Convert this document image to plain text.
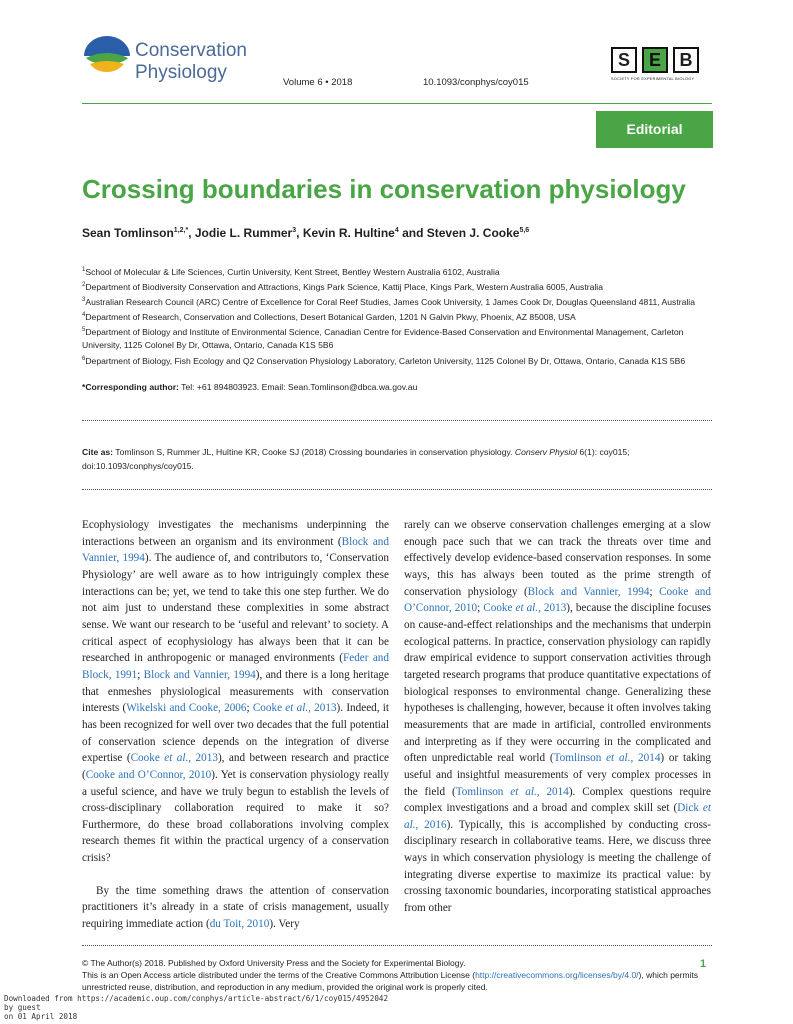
Conservation
Physiology	Volume 6 • 2018	10.1093/conphys/coy015
S E B
SOCIETY FOR EXPERIMENTAL BIOLOGY
Editorial
Crossing boundaries in conservation physiology
Sean Tomlinson$^{1,2,*}$, Jodie L. Rummer$^3$, Kevin R. Hultine$^4$ and Steven J. Cooke$^{5,6}$
$^1$School of Molecular & Life Sciences, Curtin University, Kent Street, Bentley Western Australia 6102, Australia
$^2$Department of Biodiversity Conservation and Attractions, Kings Park Science, Kattij Place, Kings Park, Western Australia 6005, Australia
$^3$Australian Research Council (ARC) Centre of Excellence for Coral Reef Studies, James Cook University, 1 James Cook Dr, Douglas Queensland 4811, Australia
$^4$Department of Research, Conservation and Collections, Desert Botanical Garden, 1201 N Galvin Pkwy, Phoenix, AZ 85008, USA
$^5$Department of Biology and Institute of Environmental Science, Canadian Centre for Evidence-Based Conservation and Environmental Management, Carleton University, 1125 Colonel By Dr, Ottawa, Ontario, Canada K1S 5B6
$^6$Department of Biology, Fish Ecology and Q2 Conservation Physiology Laboratory, Carleton University, 1125 Colonel By Dr, Ottawa, Ontario, Canada K1S 5B6
*Corresponding author: Tel: +61 894803923. Email: Sean.Tomlinson@dbca.wa.gov.au
Cite as: Tomlinson S, Rummer JL, Hultine KR, Cooke SJ (2018) Crossing boundaries in conservation physiology. Conserv Physiol 6(1): coy015; doi:10.1093/conphys/coy015.

Ecophysiology investigates the mechanisms underpinning the interactions between an organism and its environment (Block and Vannier, 1994). The audience of, and contributors to, ‘Conservation Physiology’ are well aware as to how intriguingly complex these interactions can be; yet, we tend to take this one step further. We do not aim just to understand these complexities in some abstract sense. We want our research to be ‘useful and relevant’ to society. A critical aspect of ecophysiology has always been that it can be researched in anthropogenic or managed environments (Feder and Block, 1991; Block and Vannier, 1994), and there is a long heritage that enmeshes physiological measurements with conservation interests (Wikelski and Cooke, 2006; Cooke et al., 2013). Indeed, it has been recognized for well over two decades that the full potential of conservation science depends on the integration of diverse expertise (Cooke et al., 2013), and between research and practice (Cooke and O’Connor, 2010). Yet is conservation physiology really a useful science, and have we truly begun to establish the levels of cross-disciplinary collaboration required to make it so? Furthermore, do these broad collaborations involving complex research themes fit within the practical urgency of a conservation crisis?

By the time something draws the attention of conservation practitioners it’s already in a state of crisis management, usually requiring immediate action (du Toit, 2010). Very

rarely can we observe conservation challenges emerging at a slow enough pace such that we can track the threats over time and effectively develop evidence-based conservation responses. In some ways, this has always been touted as the prime strength of conservation physiology (Block and Vannier, 1994; Cooke and O’Connor, 2010; Cooke et al., 2013), because the discipline focuses on cause-and-effect relationships and the mechanisms that underpin ecological patterns. In practice, conservation physiology can rapidly draw empirical evidence to support conservation activities through targeted research programs that produce quantitative expectations of biological responses to environmental change. Generalizing these hypotheses is challenging, however, because it often involves taking measurements that are made in artificial, controlled environments and interpreting as if they were occurring in the complicated and often unpredictable real world (Tomlinson et al., 2014) or taking useful and insightful measurements of very complex processes in the field (Tomlinson et al., 2014). Complex questions require complex investigations and a broad and complex skill set (Dick et al., 2016). Typically, this is accomplished by conducting cross-disciplinary research in collaborative teams. Here, we discuss three ways in which conservation physiology is meeting the challenge of integrating diverse expertise to maximize its practical value: by crossing taxonomic boundaries, incorporating statistical approaches from other

© The Author(s) 2018. Published by Oxford University Press and the Society for Experimental Biology.
This is an Open Access article distributed under the terms of the Creative Commons Attribution License (http://creativecommons.org/licenses/by/4.0/), which permits unrestricted reuse, distribution, and reproduction in any medium, provided the original work is properly cited.
1
Downloaded from https://academic.oup.com/conphys/article-abstract/6/1/coy015/4952042
by guest
on 01 April 2018
